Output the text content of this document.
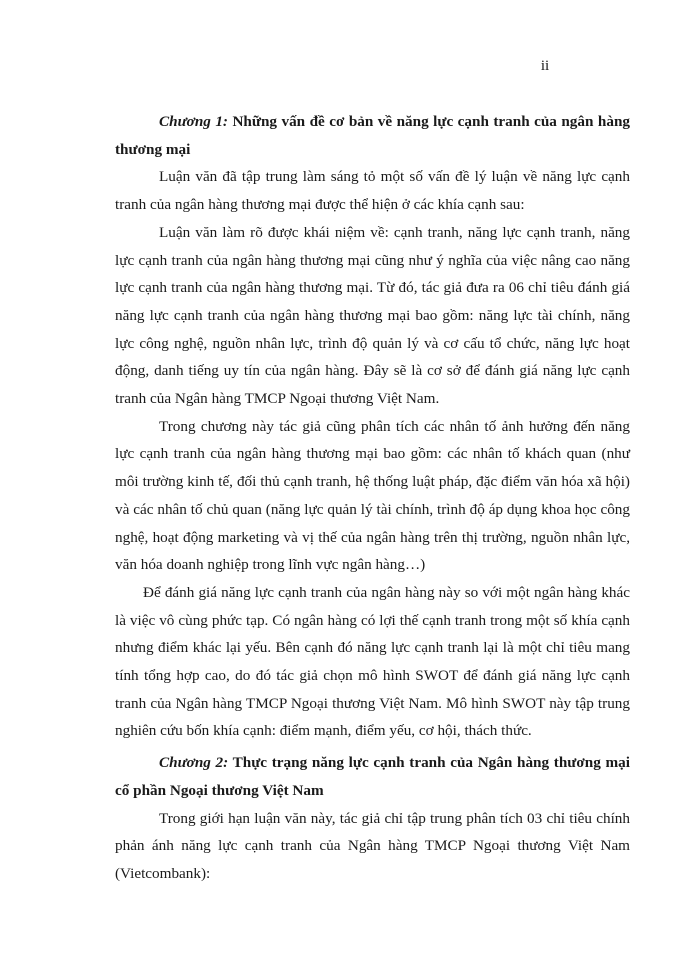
ii

Chương 1: Những vấn đề cơ bản về năng lực cạnh tranh của ngân hàng thương mại

Luận văn đã tập trung làm sáng tỏ một số vấn đề lý luận về năng lực cạnh tranh của ngân hàng thương mại được thể hiện ở các khía cạnh sau:

Luận văn làm rõ được khái niệm về: cạnh tranh, năng lực cạnh tranh, năng lực cạnh tranh của ngân hàng thương mại cũng như ý nghĩa của việc nâng cao năng lực cạnh tranh của ngân hàng thương mại. Từ đó, tác giả đưa ra 06 chỉ tiêu đánh giá năng lực cạnh tranh của ngân hàng thương mại bao gồm: năng lực tài chính, năng lực công nghệ, nguồn nhân lực, trình độ quản lý và cơ cấu tổ chức, năng lực hoạt động, danh tiếng uy tín của ngân hàng. Đây sẽ là cơ sở để đánh giá năng lực cạnh tranh của Ngân hàng TMCP Ngoại thương Việt Nam.

Trong chương này tác giả cũng phân tích các nhân tố ảnh hưởng đến năng lực cạnh tranh của ngân hàng thương mại bao gồm: các nhân tố khách quan (như môi trường kinh tế, đối thủ cạnh tranh, hệ thống luật pháp, đặc điểm văn hóa xã hội) và các nhân tố chủ quan (năng lực quản lý tài chính, trình độ áp dụng khoa học công nghệ, hoạt động marketing và vị thế của ngân hàng trên thị trường, nguồn nhân lực, văn hóa doanh nghiệp trong lĩnh vực ngân hàng…)

Để đánh giá năng lực cạnh tranh của ngân hàng này so với một ngân hàng khác là việc vô cùng phức tạp. Có ngân hàng có lợi thế cạnh tranh trong một số khía cạnh nhưng điểm khác lại yếu. Bên cạnh đó năng lực cạnh tranh lại là một chỉ tiêu mang tính tổng hợp cao, do đó tác giả chọn mô hình SWOT để đánh giá năng lực cạnh tranh của Ngân hàng TMCP Ngoại thương Việt Nam. Mô hình SWOT này tập trung nghiên cứu bốn khía cạnh: điểm mạnh, điểm yếu, cơ hội, thách thức.

Chương 2: Thực trạng năng lực cạnh tranh của Ngân hàng thương mại cổ phần Ngoại thương Việt Nam

Trong giới hạn luận văn này, tác giả chỉ tập trung phân tích 03 chỉ tiêu chính phản ánh năng lực cạnh tranh của Ngân hàng TMCP Ngoại thương Việt Nam (Vietcombank):
